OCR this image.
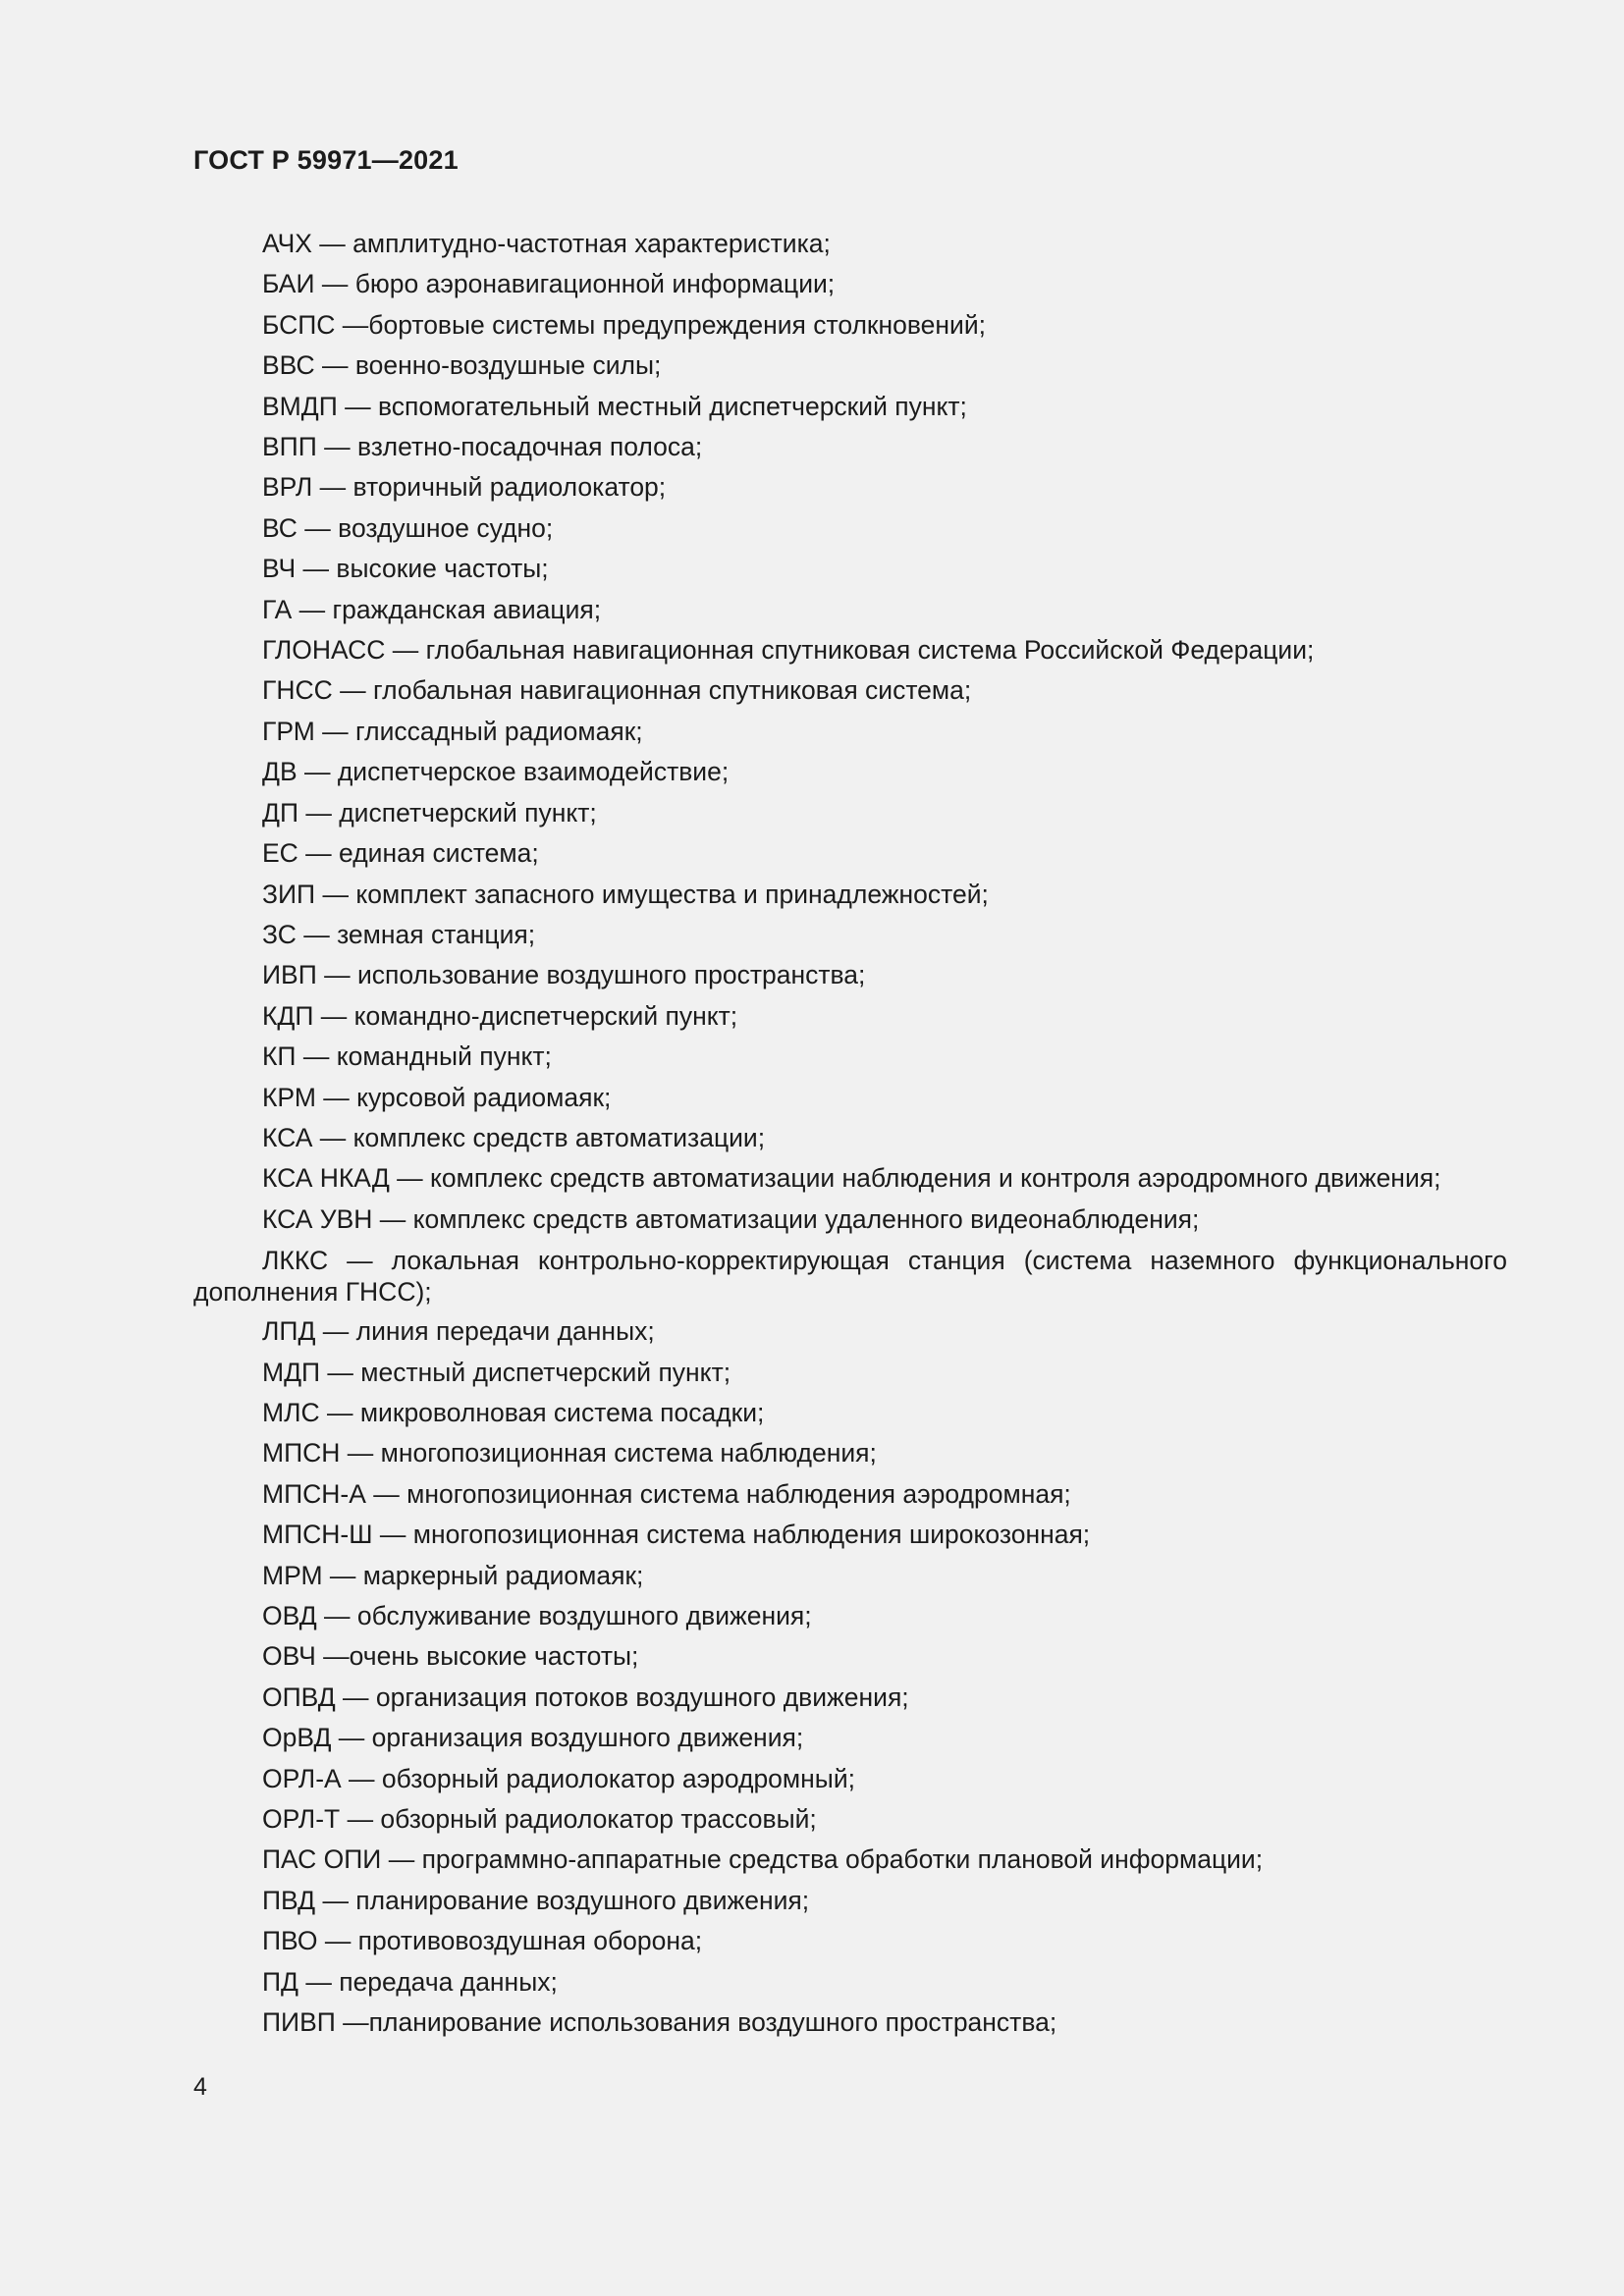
ГОСТ Р 59971—2021

АЧХ — амплитудно-частотная характеристика;
БАИ — бюро аэронавигационной информации;
БСПС —бортовые системы предупреждения столкновений;
ВВС — военно-воздушные силы;
ВМДП — вспомогательный местный диспетчерский пункт;
ВПП — взлетно-посадочная полоса;
ВРЛ — вторичный радиолокатор;
ВС — воздушное судно;
ВЧ — высокие частоты;
ГА — гражданская авиация;
ГЛОНАСС — глобальная навигационная спутниковая система Российской Федерации;
ГНСС — глобальная навигационная спутниковая система;
ГРМ — глиссадный радиомаяк;
ДВ — диспетчерское взаимодействие;
ДП — диспетчерский пункт;
ЕС — единая система;
ЗИП — комплект запасного имущества и принадлежностей;
ЗС — земная станция;
ИВП — использование воздушного пространства;
КДП — командно-диспетчерский пункт;
КП — командный пункт;
КРМ — курсовой радиомаяк;
КСА — комплекс средств автоматизации;
КСА НКАД — комплекс средств автоматизации наблюдения и контроля аэродромного движения;
КСА УВН — комплекс средств автоматизации удаленного видеонаблюдения;
ЛККС — локальная контрольно-корректирующая станция (система наземного функционального дополнения ГНСС);
ЛПД — линия передачи данных;
МДП — местный диспетчерский пункт;
МЛС — микроволновая система посадки;
МПСН — многопозиционная система наблюдения;
МПСН-А — многопозиционная система наблюдения аэродромная;
МПСН-Ш — многопозиционная система наблюдения широкозонная;
МРМ — маркерный радиомаяк;
ОВД — обслуживание воздушного движения;
ОВЧ —очень высокие частоты;
ОПВД — организация потоков воздушного движения;
ОрВД — организация воздушного движения;
ОРЛ-А — обзорный радиолокатор аэродромный;
ОРЛ-Т — обзорный радиолокатор трассовый;
ПАС ОПИ — программно-аппаратные средства обработки плановой информации;
ПВД — планирование воздушного движения;
ПВО — противовоздушная оборона;
ПД — передача данных;
ПИВП —планирование использования воздушного пространства;

4
